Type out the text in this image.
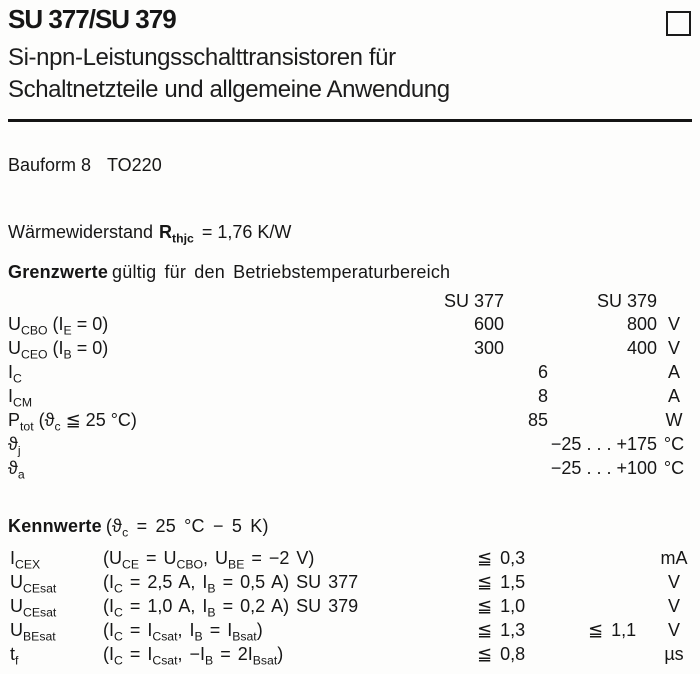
SU 377/SU 379
Si-npn-Leistungsschalttransistoren für
Schaltnetzteile und allgemeine Anwendung
Bauform 8 TO220
Wärmewiderstand $R_{thjc} = 1,76$ K/W
Grenzwerte gültig für den Betriebstemperaturbereich
SU 377	SU 379
$U_{CBO}$ $(I_E = 0)$	600	800 V
$U_{CEO}$ $(I_B = 0)$	300	400 V
$I_C$	6	A
$I_{CM}$	8	A
$P_{tot}$ ($ϑ_c$ ≦ 25 °C)	85	W
$ϑ_j$	−25 . . . +175 °C
$ϑ_a$	−25 . . . +100 °C
Kennwerte ($ϑ_c = 25$ °C − 5 K)
$I_{CEX}$	($U_{CE} = U_{CBO}$, $U_{BE} = -2$ V)	≦ 0,3	mA
$U_{CEsat}$	($I_C = 2,5$ A, $I_B = 0,5$ A) SU 377	≦ 1,5	V
$U_{CEsat}$	($I_C = 1,0$ A, $I_B = 0,2$ A) SU 379	≦ 1,0	V
$U_{BEsat}$	($I_C = I_{Csat}$, $I_B = I_{Bsat}$)	≦ 1,3	≦ 1,1	V
$t_f$	($I_C = I_{Csat}$, $-I_B = 2I_{Bsat}$)	≦ 0,8	µs
